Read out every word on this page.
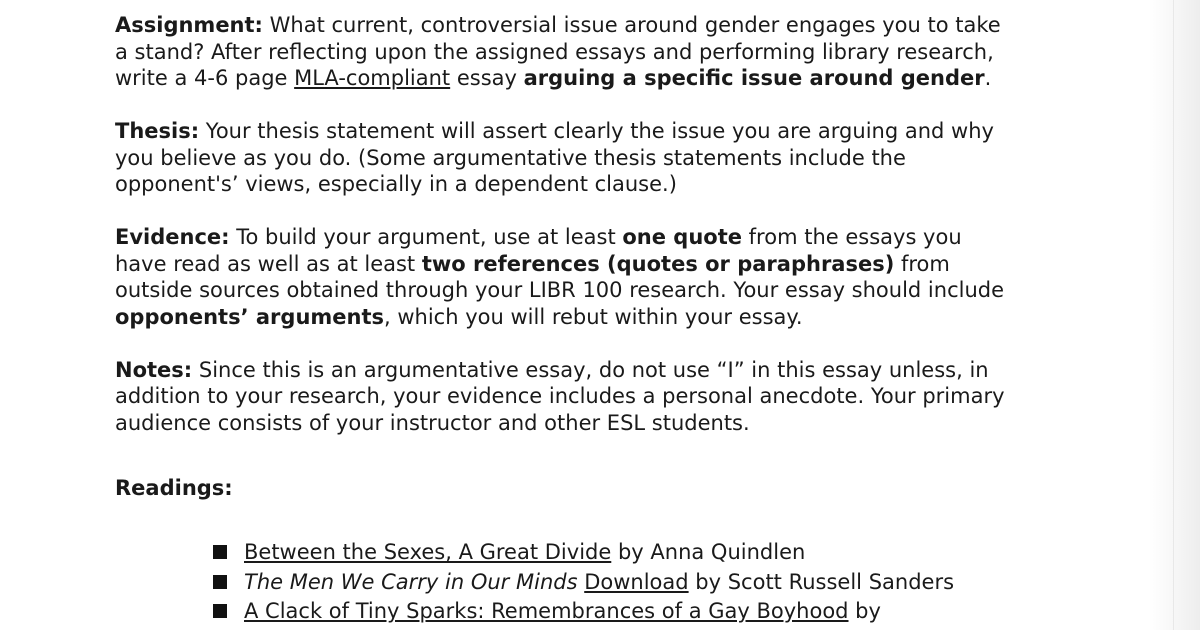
Assignment: What current, controversial issue around gender engages you to take a stand? After reflecting upon the assigned essays and performing library research, write a 4-6 page MLA-compliant essay arguing a specific issue around gender.

Thesis: Your thesis statement will assert clearly the issue you are arguing and why you believe as you do. (Some argumentative thesis statements include the opponent's’ views, especially in a dependent clause.)

Evidence: To build your argument, use at least one quote from the essays you have read as well as at least two references (quotes or paraphrases) from outside sources obtained through your LIBR 100 research. Your essay should include opponents’ arguments, which you will rebut within your essay.

Notes: Since this is an argumentative essay, do not use “I” in this essay unless, in addition to your research, your evidence includes a personal anecdote. Your primary audience consists of your instructor and other ESL students.

Readings:

Between the Sexes, A Great Divide by Anna Quindlen
The Men We Carry in Our Minds Download by Scott Russell Sanders
A Clack of Tiny Sparks: Remembrances of a Gay Boyhood by
